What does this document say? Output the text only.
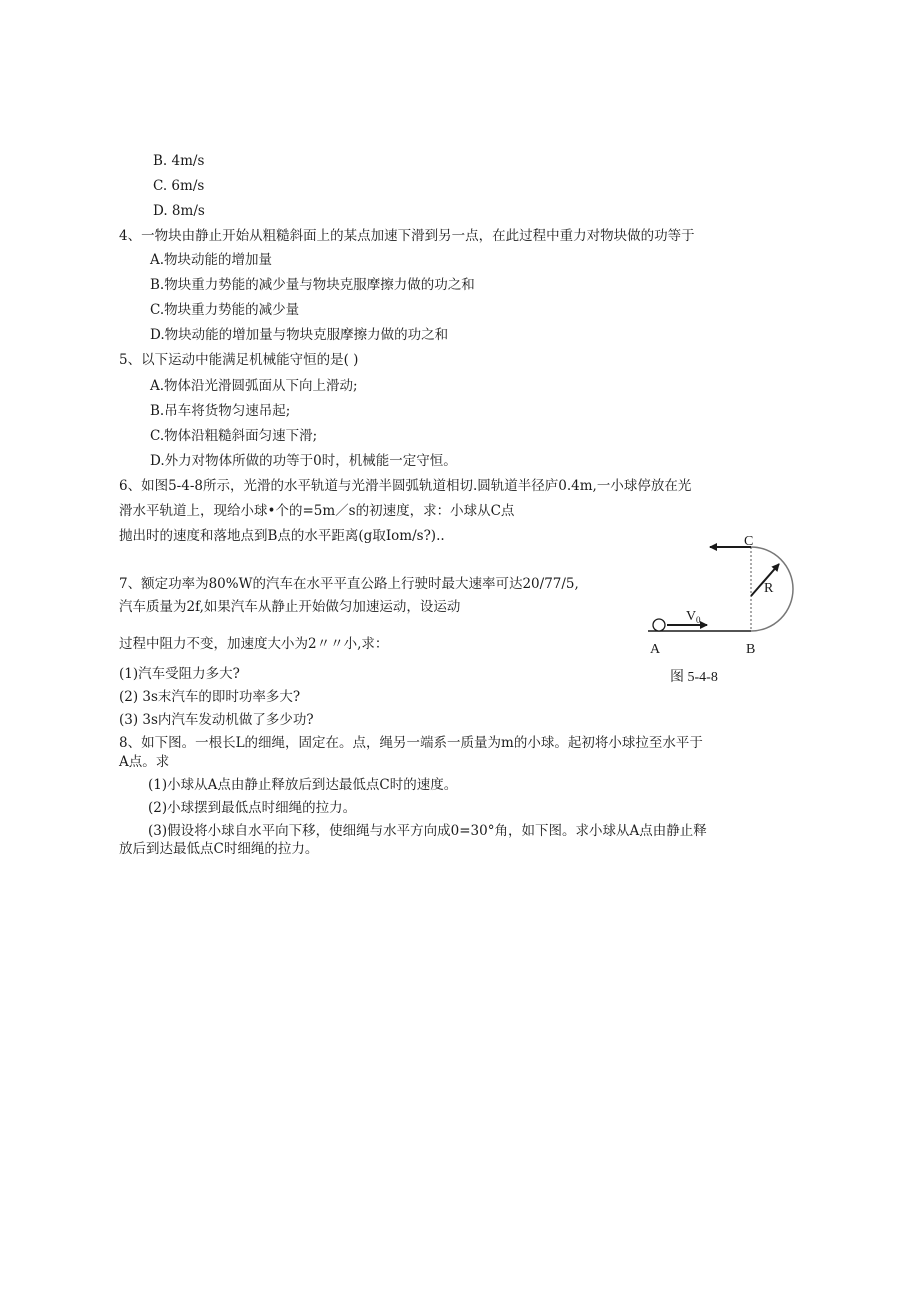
B. 4m/s
C. 6m/s
D. 8m/s
4、一物块由静止开始从粗糙斜面上的某点加速下滑到另一点，在此过程中重力对物块做的功等于
A.物块动能的增加量
B.物块重力势能的减少量与物块克服摩擦力做的功之和
C.物块重力势能的减少量
D.物块动能的增加量与物块克服摩擦力做的功之和
5、以下运动中能满足机械能守恒的是( )
A.物体沿光滑圆弧面从下向上滑动;
B.吊车将货物匀速吊起;
C.物体沿粗糙斜面匀速下滑;
D.外力对物体所做的功等于0时，机械能一定守恒。
6、如图5-4-8所示，光滑的水平轨道与光滑半圆弧轨道相切.圆轨道半径庐0.4m,一小球停放在光
滑水平轨道上，现给小球•个的=5m／s的初速度，求：小球从C点
抛出时的速度和落地点到B点的水平距离(g取Iom/s?)..
7、额定功率为80%W的汽车在水平平直公路上行驶时最大速率可达20/77/5,
汽车质量为2f,如果汽车从静止开始做匀加速运动，设运动
过程中阻力不变，加速度大小为2〃〃小,求：
(1)汽车受阻力多大?
(2) 3s末汽车的即时功率多大?
(3) 3s内汽车发动机做了多少功?
8、如下图。一根长L的细绳，固定在。点，绳另一端系一质量为m的小球。起初将小球拉至水平于
A点。求
(1)小球从A点由静止释放后到达最低点C时的速度。
(2)小球摆到最低点时细绳的拉力。
(3)假设将小球自水平向下移，使细绳与水平方向成0=30°角，如下图。求小球从A点由静止释
放后到达最低点C时细绳的拉力。
C
R
V 0
A	B
图 5-4-8
